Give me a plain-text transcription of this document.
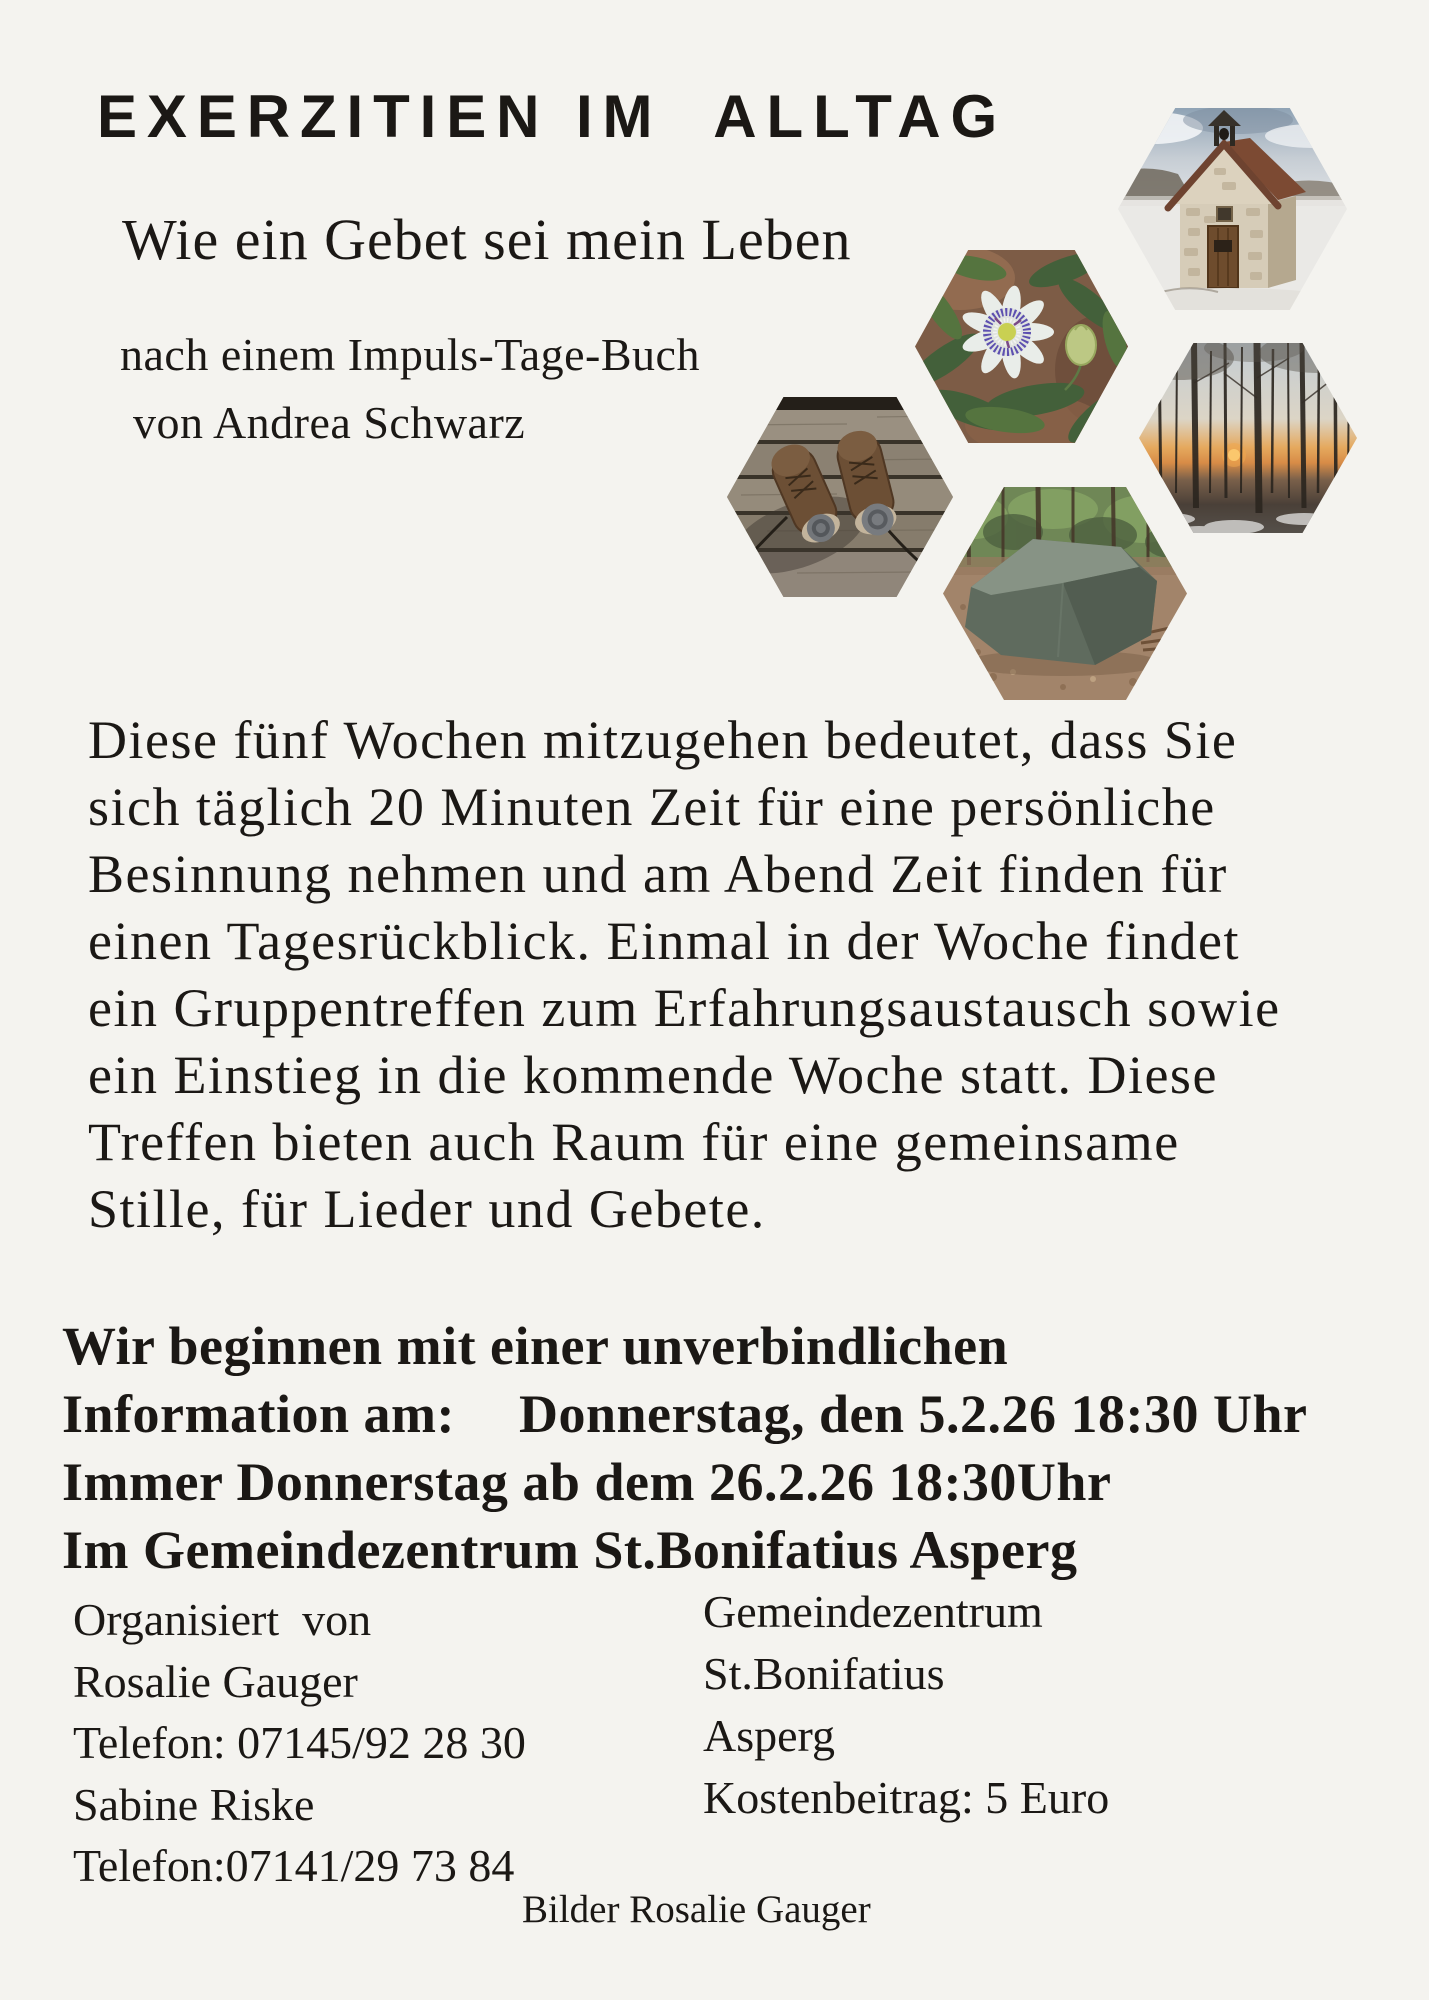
EXERZITIEN IM  ALLTAG
Wie ein Gebet sei mein Leben
nach einem Impuls-Tage-Buch
von Andrea Schwarz
Diese fünf Wochen mitzugehen bedeutet, dass Sie
sich täglich 20 Minuten Zeit für eine persönliche
Besinnung nehmen und am Abend Zeit finden für
einen Tagesrückblick. Einmal in der Woche findet
ein Gruppentreffen zum Erfahrungsaustausch sowie
ein Einstieg in die kommende Woche statt. Diese
Treffen bieten auch Raum für eine gemeinsame
Stille, für Lieder und Gebete.
Wir beginnen mit einer unverbindlichen
Information am: Donnerstag, den 5.2.26 18:30 Uhr
Immer Donnerstag ab dem 26.2.26 18:30Uhr
Im Gemeindezentrum St.Bonifatius Asperg
Organisiert  von
Rosalie Gauger
Telefon: 07145/92 28 30
Sabine Riske
Telefon:07141/29 73 84
Gemeindezentrum
St.Bonifatius
Asperg
Kostenbeitrag: 5 Euro
Bilder Rosalie Gauger
